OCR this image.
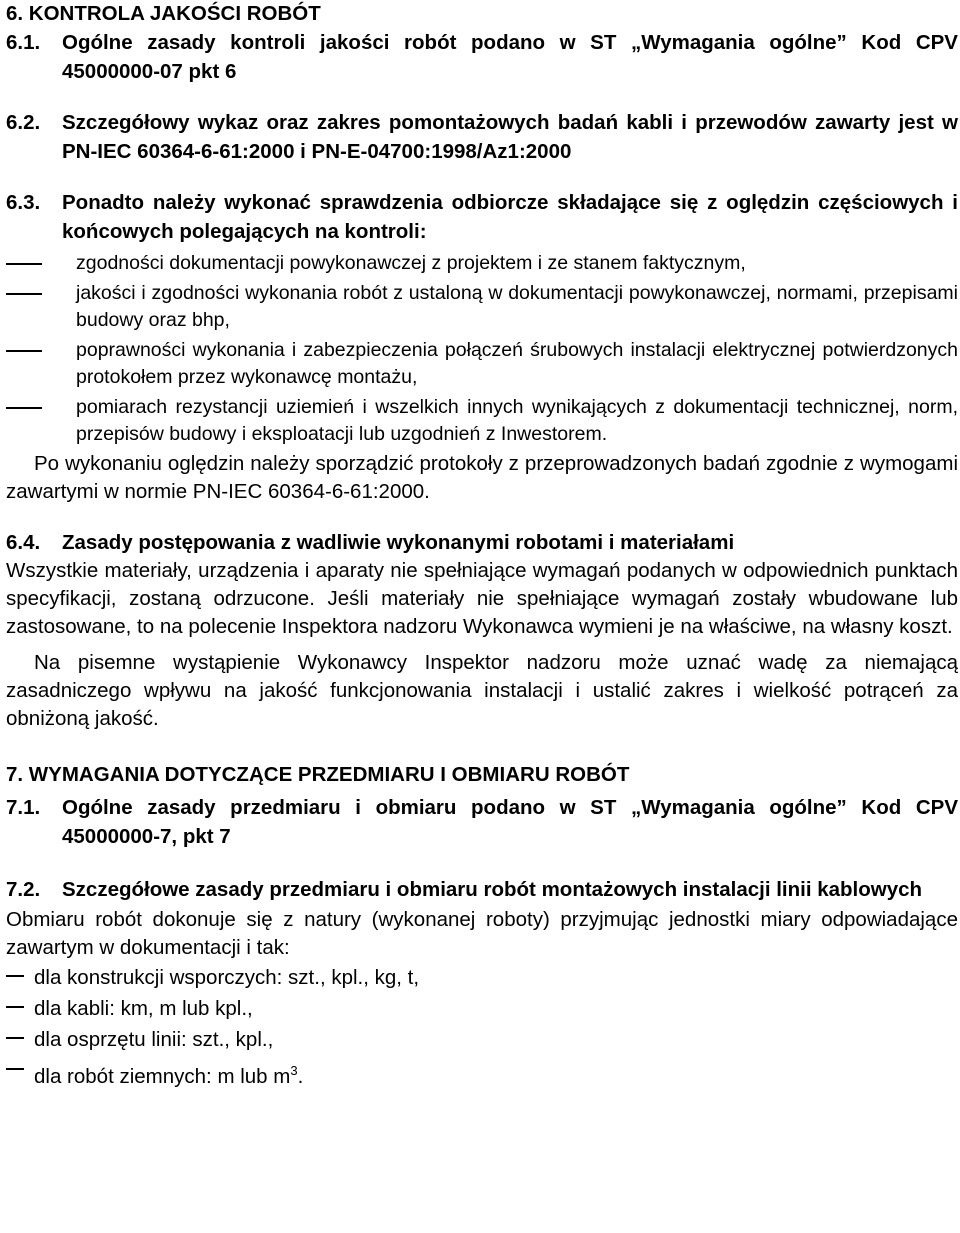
6. KONTROLA JAKOŚCI ROBÓT

6.1.	Ogólne zasady kontroli jakości robót podano w ST „Wymagania ogólne” Kod CPV 45000000-07 pkt 6
6.2.	Szczegółowy wykaz oraz zakres pomontażowych badań kabli i przewodów zawarty jest w PN-IEC 60364-6-61:2000 i PN-E-04700:1998/Az1:2000
6.3.	Ponadto należy wykonać sprawdzenia odbiorcze składające się z oględzin częściowych i końcowych polegających na kontroli:
zgodności dokumentacji powykonawczej z projektem i ze stanem faktycznym,
jakości i zgodności wykonania robót z ustaloną w dokumentacji powykonawczej, normami, przepisami budowy oraz bhp,
poprawności wykonania i zabezpieczenia połączeń śrubowych instalacji elektrycznej potwierdzonych protokołem przez wykonawcę montażu,
pomiarach rezystancji uziemień i wszelkich innych wynikających z dokumentacji technicznej, norm, przepisów budowy i eksploatacji lub uzgodnień z Inwestorem.

Po wykonaniu oględzin należy sporządzić protokoły z przeprowadzonych badań zgodnie z wymogami zawartymi w normie PN-IEC 60364-6-61:2000.

6.4.	Zasady postępowania z wadliwie wykonanymi robotami i materiałami

Wszystkie materiały, urządzenia i aparaty nie spełniające wymagań podanych w odpowiednich punktach specyfikacji, zostaną odrzucone. Jeśli materiały nie spełniające wymagań zostały wbudowane lub zastosowane, to na polecenie Inspektora nadzoru Wykonawca wymieni je na właściwe, na własny koszt.

Na pisemne wystąpienie Wykonawcy Inspektor nadzoru może uznać wadę za niemającą zasadniczego wpływu na jakość funkcjonowania instalacji i ustalić zakres i wielkość potrąceń za obniżoną jakość.

7. WYMAGANIA DOTYCZĄCE PRZEDMIARU I OBMIARU ROBÓT

7.1.	Ogólne zasady przedmiaru i obmiaru podano w ST „Wymagania ogólne” Kod CPV 45000000-7, pkt 7
7.2.	Szczegółowe zasady przedmiaru i obmiaru robót montażowych instalacji linii kablowych

Obmiaru robót dokonuje się z natury (wykonanej roboty) przyjmując jednostki miary odpowiadające zawartym w dokumentacji i tak:

dla konstrukcji wsporczych: szt., kpl., kg, t,
dla kabli: km, m lub kpl.,
dla osprzętu linii: szt., kpl.,
dla robót ziemnych: m lub $m^3$.
